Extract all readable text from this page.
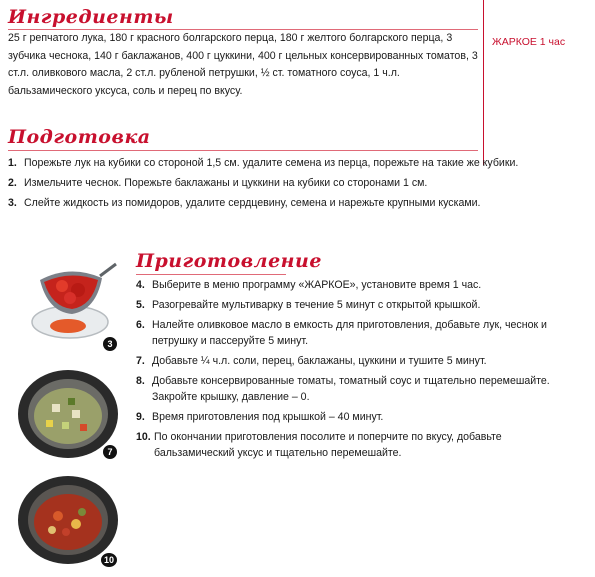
Ингредиенты

25 г репчатого лука, 180 г красного болгарского перца, 180 г желтого болгарского перца, 3 зубчика чеснока, 140 г баклажанов, 400 г цуккини, 400 г цельных консервированных томатов, 3 ст.л. оливкового масла, 2 ст.л. рубленой петрушки, ½ ст. томатного соуса, 1 ч.л. бальзамического уксуса, соль и перец по вкусу.

ЖАРКОЕ 1 час
Подготовка
1. Порежьте лук на кубики со стороной 1,5 см. удалите семена из перца, порежьте на такие же кубики.
2. Измельчите чеснок. Порежьте баклажаны и цуккини на кубики со сторонами 1 см.
3. Слейте жидкость из помидоров, удалите сердцевину, семена и нарежьте крупными кусками.
Приготовление
4. Выберите в меню программу «ЖАРКОЕ», установите время 1 час.
5. Разогревайте мультиварку в течение 5 минут с открытой крышкой.
6. Налейте оливковое масло в емкость для приготовления, добавьте лук, чеснок и петрушку и пассеруйте 5 минут.
7. Добавьте ¼ ч.л. соли, перец, баклажаны, цуккини и тушите 5 минут.
8. Добавьте консервированные томаты, томатный соус и тщательно перемешайте. Закройте крышку, давление – 0.
9. Время приготовления под крышкой – 40 минут.
10. По окончании приготовления посолите и поперчите по вкусу, добавьте бальзамический уксус и тщательно перемешайте.
3
7
10
